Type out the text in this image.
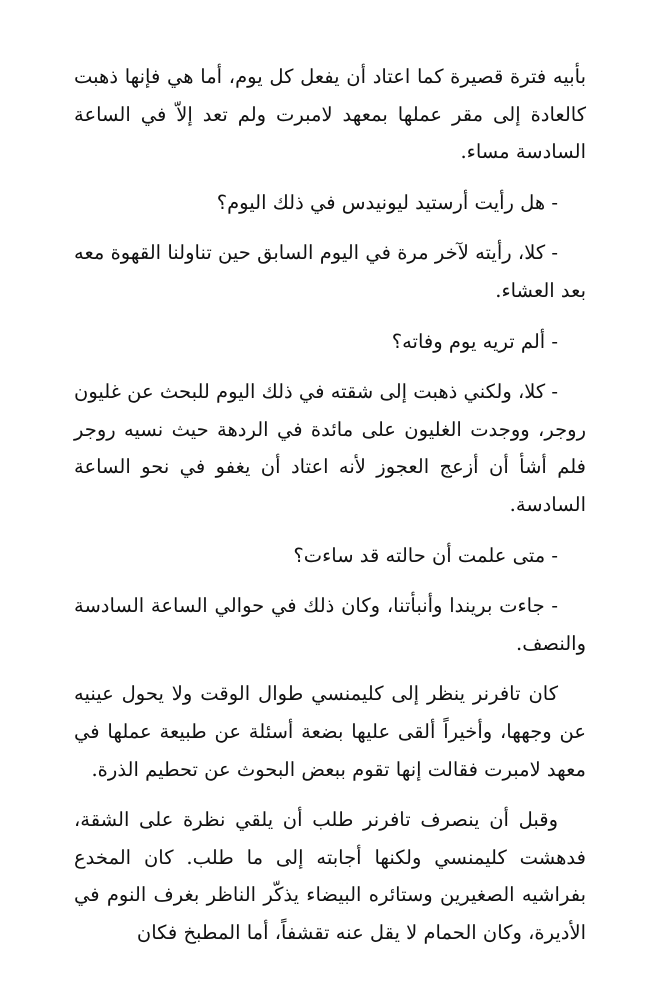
بأبيه فترة قصيرة كما اعتاد أن يفعل كل يوم، أما هي فإنها ذهبت كالعادة إلى مقر عملها بمعهد لامبرت ولم تعد إلاّ في الساعة السادسة مساء.

- هل رأيت أرستيد ليونيدس في ذلك اليوم؟

- كلا، رأيته لآخر مرة في اليوم السابق حين تناولنا القهوة معه بعد العشاء.

- ألم تريه يوم وفاته؟

- كلا، ولكني ذهبت إلى شقته في ذلك اليوم للبحث عن غليون روجر، ووجدت الغليون على مائدة في الردهة حيث نسيه روجر فلم أشأ أن أزعج العجوز لأنه اعتاد أن يغفو في نحو الساعة السادسة.

- متى علمت أن حالته قد ساءت؟

- جاءت بريندا وأنبأتنا، وكان ذلك في حوالي الساعة السادسة والنصف.

كان تافرنر ينظر إلى كليمنسي طوال الوقت ولا يحول عينيه عن وجهها، وأخيراً ألقى عليها بضعة أسئلة عن طبيعة عملها في معهد لامبرت فقالت إنها تقوم ببعض البحوث عن تحطيم الذرة.

وقبل أن ينصرف تافرنر طلب أن يلقي نظرة على الشقة، فدهشت كليمنسي ولكنها أجابته إلى ما طلب. كان المخدع بفراشيه الصغيرين وستائره البيضاء يذكّر الناظر بغرف النوم في الأديرة، وكان الحمام لا يقل عنه تقشفاً، أما المطبخ فكان
